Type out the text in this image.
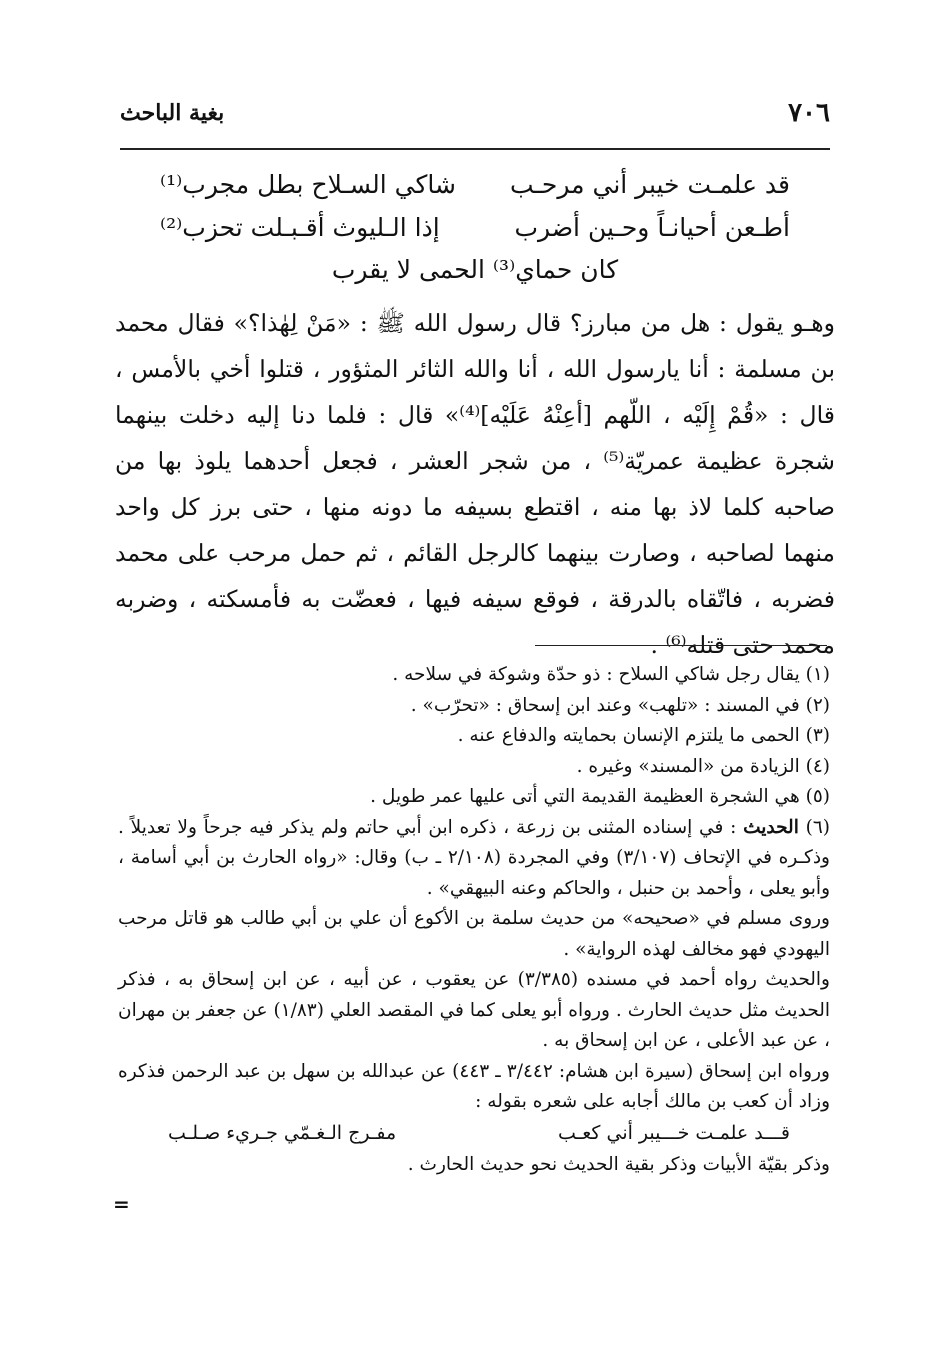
٧٠٦
بغية الباحث
قد علمـت خيبر أني مرحـب
شاكي السـلاح بطل مجرب⁽¹⁾
أطـعن أحيانـاً وحـين أضرب
إذا الـليوث أقـبـلت تحزب⁽²⁾
كان حماي⁽³⁾ الحمى لا يقرب

وهـو يقول : هل من مبارز؟ قال رسول الله ﷺ : «مَنْ لِهٰذا؟» فقال محمد بن مسلمة : أنا يارسول الله ، أنا والله الثائر المثؤور ، قتلوا أخي بالأمس ، قال : «قُمْ إِلَيْه ، اللّهم [أعِنْهُ عَلَيْه]⁽⁴⁾» قال : فلما دنا إليه دخلت بينهما شجرة عظيمة عمريّة⁽⁵⁾ ، من شجر العشر ، فجعل أحدهما يلوذ بها من صاحبه كلما لاذ بها منه ، اقتطع بسيفه ما دونه منها ، حتى برز كل واحد منهما لصاحبه ، وصارت بينهما كالرجل القائم ، ثم حمل مرحب على محمد فضربه ، فاتّقاه بالدرقة ، فوقع سيفه فيها ، فعضّت به فأمسكته ، وضربه محمد حتى قتله⁽⁶⁾ .

(١) يقال رجل شاكي السلاح : ذو حدّة وشوكة في سلاحه .

(٢) في المسند : «تلهب» وعند ابن إسحاق : «تحرّب» .

(٣) الحمى ما يلتزم الإنسان بحمايته والدفاع عنه .

(٤) الزيادة من «المسند» وغيره .

(٥) هي الشجرة العظيمة القديمة التي أتى عليها عمر طويل .

(٦) الحديث : في إسناده المثنى بن زرعة ، ذكره ابن أبي حاتم ولم يذكر فيه جرحاً ولا تعديلاً . وذكـره في الإتحاف (٣/١٠٧) وفي المجردة (٢/١٠٨ ـ ب) وقال: «رواه الحارث بن أبي أسامة ، وأبو يعلى ، وأحمد بن حنبل ، والحاكم وعنه البيهقي» .

وروى مسلم في «صحيحه» من حديث سلمة بن الأكوع أن علي بن أبي طالب هو قاتل مرحب اليهودي فهو مخالف لهذه الرواية» .

والحديث رواه أحمد في مسنده (٣/٣٨٥) عن يعقوب ، عن أبيه ، عن ابن إسحاق به ، فذكر الحديث مثل حديث الحارث . ورواه أبو يعلى كما في المقصد العلي (١/٨٣) عن جعفر بن مهران ، عن عبد الأعلى ، عن ابن إسحاق به .

ورواه ابن إسحاق (سيرة ابن هشام: ٣/٤٤٢ ـ ٤٤٣) عن عبدالله بن سهل بن عبد الرحمن فذكره وزاد أن كعب بن مالك أجابه على شعره بقوله :

قـــد علمـت خـــيبر أني كعـب
مفـرج الـغـمّي جـريء صـلـب

وذكر بقيّة الأبيات وذكر بقية الحديث نحو حديث الحارث .

=
